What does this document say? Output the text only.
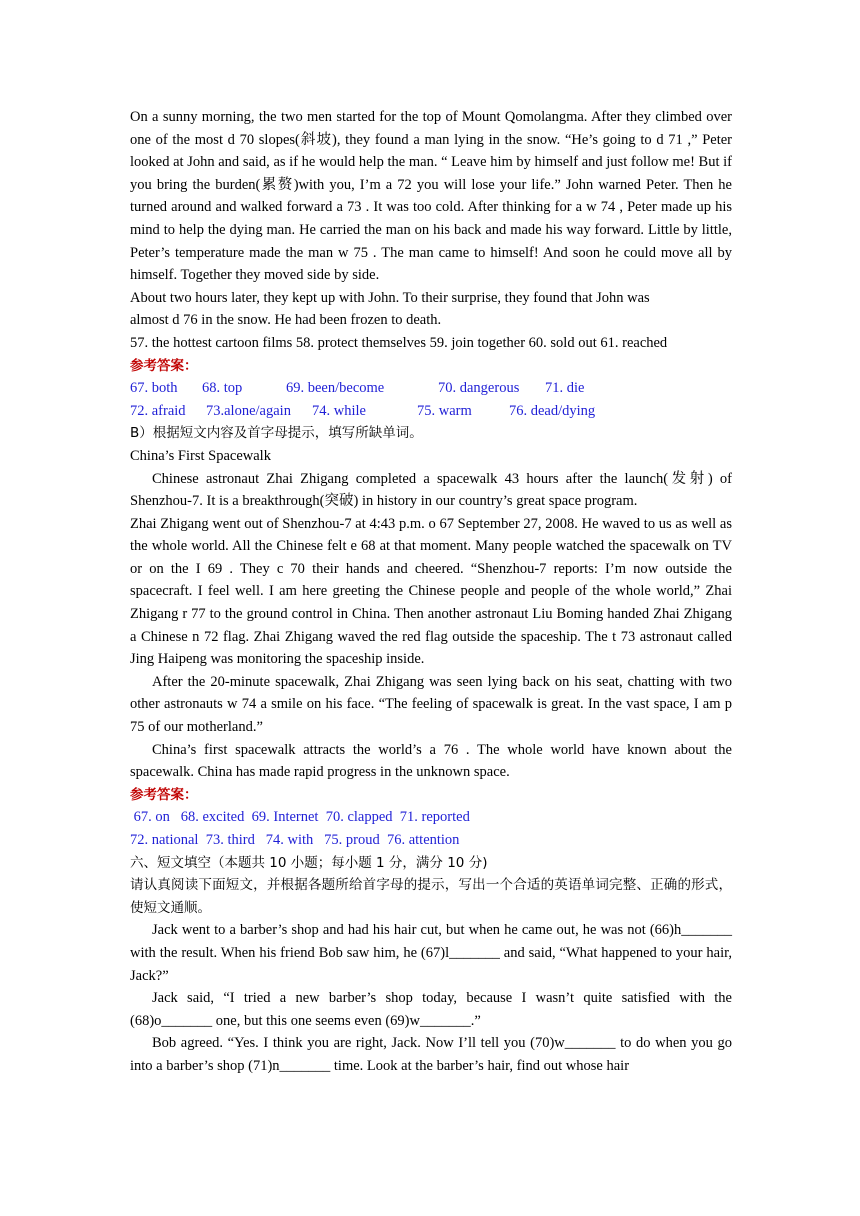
On a sunny morning, the two men started for the top of Mount Qomolangma. After they climbed over one of the most d 70 slopes(斜坡), they found a man lying in the snow. “He’s going to d 71 ,” Peter looked at John and said, as if he would help the man. “ Leave him by himself and just follow me! But if you bring the burden(累赘)with you, I’m a 72 you will lose your life.” John warned Peter. Then he turned around and walked forward a 73 . It was too cold. After thinking for a w 74 , Peter made up his mind to help the dying man. He carried the man on his back and made his way forward. Little by little, Peter’s temperature made the man w 75 . The man came to himself! And soon he could move all by himself. Together they moved side by side.

About two hours later, they kept up with John. To their surprise, they found that John was

almost d 76 in the snow. He had been frozen to death.

57. the hottest cartoon films 58. protect themselves 59. join together 60. sold out 61. reached

参考答案：

67. both 68. top	69. been/become	70. dangerous 71. die

72. afraid 73.alone/again 74. while	75. warm	76. dead/dying

B）根据短文内容及首字母提示，填写所缺单词。

China’s First Spacewalk

Chinese astronaut Zhai Zhigang completed a spacewalk 43 hours after the launch(发射) of Shenzhou-7. It is a breakthrough(突破) in history in our country’s great space program.

Zhai Zhigang went out of Shenzhou-7 at 4:43 p.m. o 67 September 27, 2008. He waved to us as well as the whole world. All the Chinese felt e 68 at that moment. Many people watched the spacewalk on TV or on the I 69 . They c 70 their hands and cheered. “Shenzhou-7 reports: I’m now outside the spacecraft. I feel well. I am here greeting the Chinese people and people of the whole world,” Zhai Zhigang r 77 to the ground control in China. Then another astronaut Liu Boming handed Zhai Zhigang a Chinese n 72 flag. Zhai Zhigang waved the red flag outside the spaceship. The t 73 astronaut called Jing Haipeng was monitoring the spaceship inside.

After the 20-minute spacewalk, Zhai Zhigang was seen lying back on his seat, chatting with two other astronauts w 74 a smile on his face. “The feeling of spacewalk is great. In the vast space, I am p 75 of our motherland.”

China’s first spacewalk attracts the world’s a 76 . The whole world have known about the spacewalk. China has made rapid progress in the unknown space.

参考答案：

67. on   68. excited  69. Internet  70. clapped  71. reported

72. national  73. third   74. with   75. proud  76. attention

六、短文填空（本题共 10 小题；每小题 1 分，满分 10 分)

请认真阅读下面短文，并根据各题所给首字母的提示，写出一个合适的英语单词完整、正确的形式，使短文通顺。

Jack went to a barber’s shop and had his hair cut, but when he came out, he was not (66)h_______ with the result. When his friend Bob saw him, he (67)l_______ and said, “What happened to your hair, Jack?”

Jack said, “I tried a new barber’s shop today, because I wasn’t quite satisfied with the (68)o_______ one, but this one seems even (69)w_______.”

Bob agreed. “Yes. I think you are right, Jack. Now I’ll tell you (70)w_______ to do when you go into a barber’s shop (71)n_______ time. Look at the barber’s hair, find out whose hair
